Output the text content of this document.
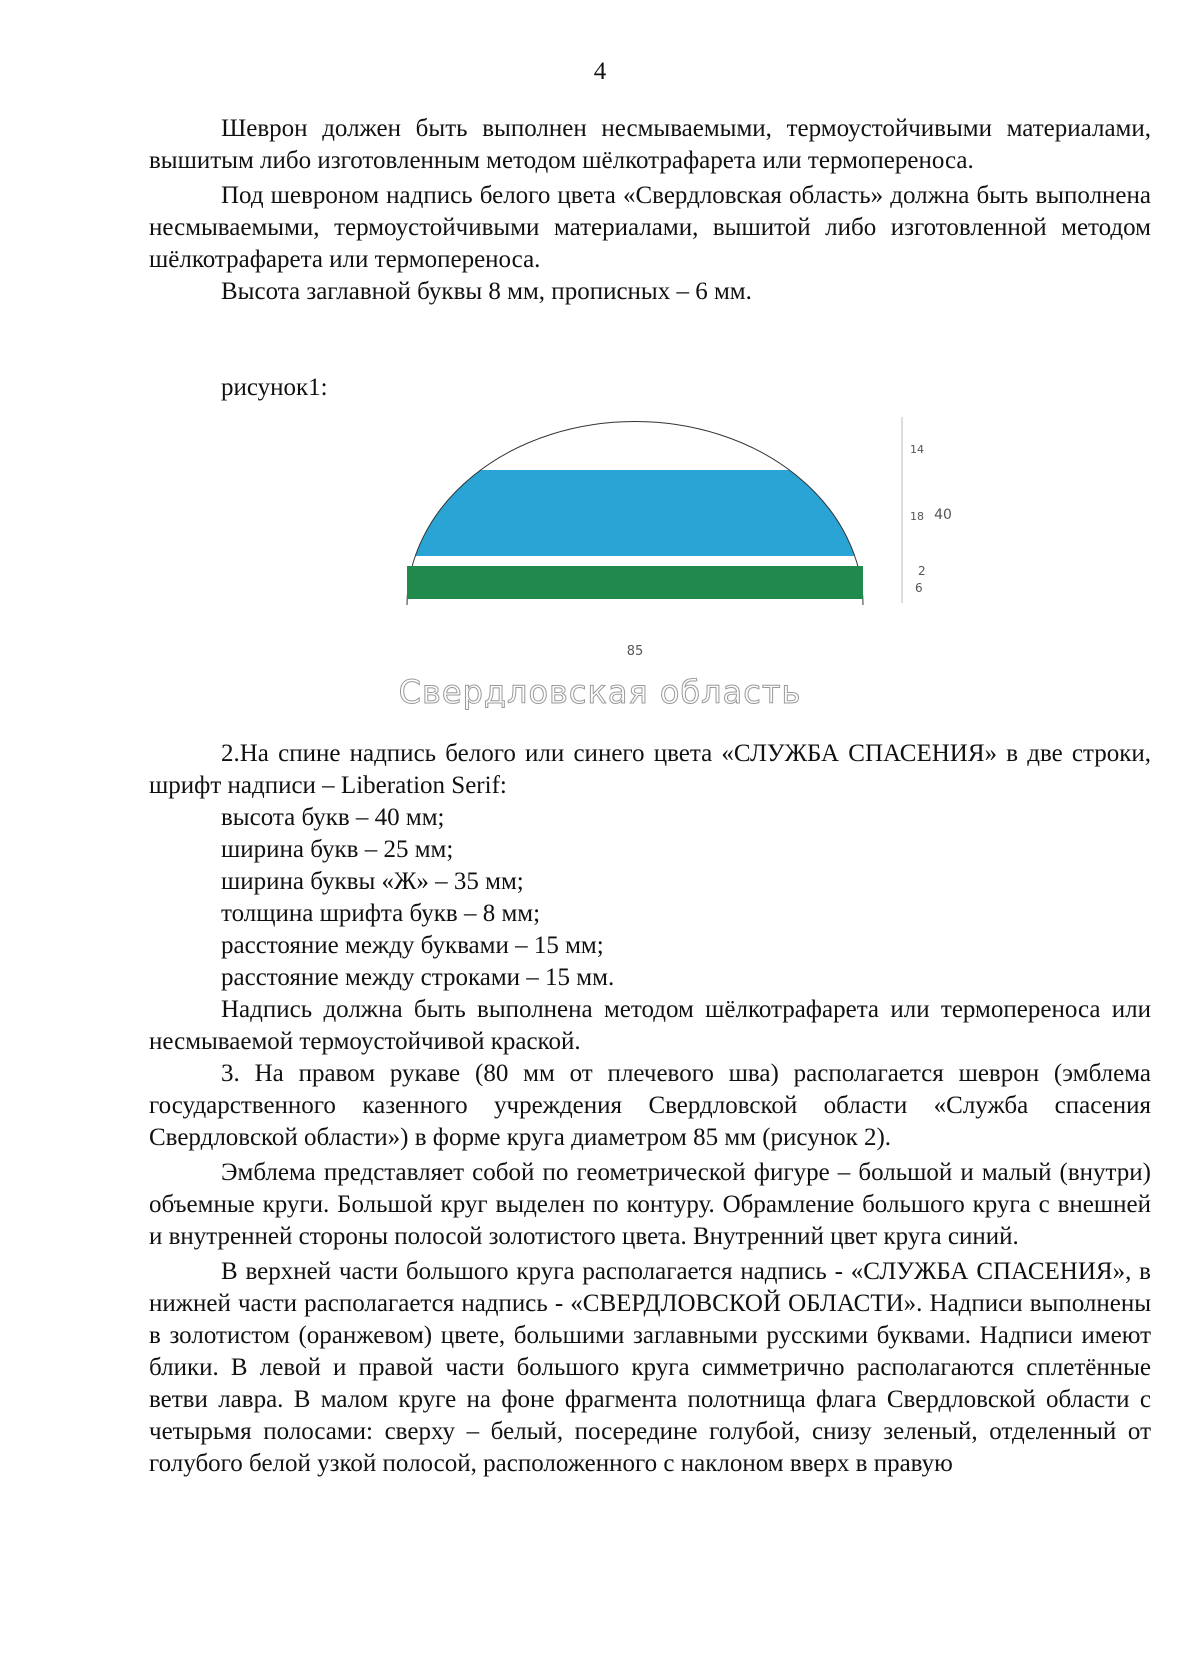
4

Шеврон должен быть выполнен несмываемыми, термоустойчивыми материалами, вышитым либо изготовленным методом шёлкотрафарета или термопереноса.

Под шевроном надпись белого цвета «Свердловская область» должна быть выполнена несмываемыми, термоустойчивыми материалами, вышитой либо изготовленной методом шёлкотрафарета или термопереноса.

Высота заглавной буквы 8 мм, прописных – 6 мм.

рисунок1:
14
18 40
2
6
85
Свердловская область

2.На спине надпись белого или синего цвета «СЛУЖБА СПАСЕНИЯ» в две строки, шрифт надписи – Liberation Serif:

высота букв – 40 мм;

ширина букв – 25 мм;

ширина буквы «Ж» – 35 мм;

толщина шрифта букв – 8 мм;

расстояние между буквами – 15 мм;

расстояние между строками – 15 мм.

Надпись должна быть выполнена методом шёлкотрафарета или термопереноса или несмываемой термоустойчивой краской.

3. На правом рукаве (80 мм от плечевого шва) располагается шеврон (эмблема государственного казенного учреждения Свердловской области «Служба спасения Свердловской области») в форме круга диаметром 85 мм (рисунок 2).

Эмблема представляет собой по геометрической фигуре – большой и малый (внутри) объемные круги. Большой круг выделен по контуру. Обрамление большого круга с внешней и внутренней стороны полосой золотистого цвета. Внутренний цвет круга синий.

В верхней части большого круга располагается надпись - «СЛУЖБА СПАСЕНИЯ», в нижней части располагается надпись - «СВЕРДЛОВСКОЙ ОБЛАСТИ». Надписи выполнены в золотистом (оранжевом) цвете, большими заглавными русскими буквами. Надписи имеют блики. В левой и правой части большого круга симметрично располагаются сплетённые ветви лавра. В малом круге на фоне фрагмента полотнища флага Свердловской области с четырьмя полосами: сверху – белый, посередине голубой, снизу зеленый, отделенный от голубого белой узкой полосой, расположенного с наклоном вверх в правую
